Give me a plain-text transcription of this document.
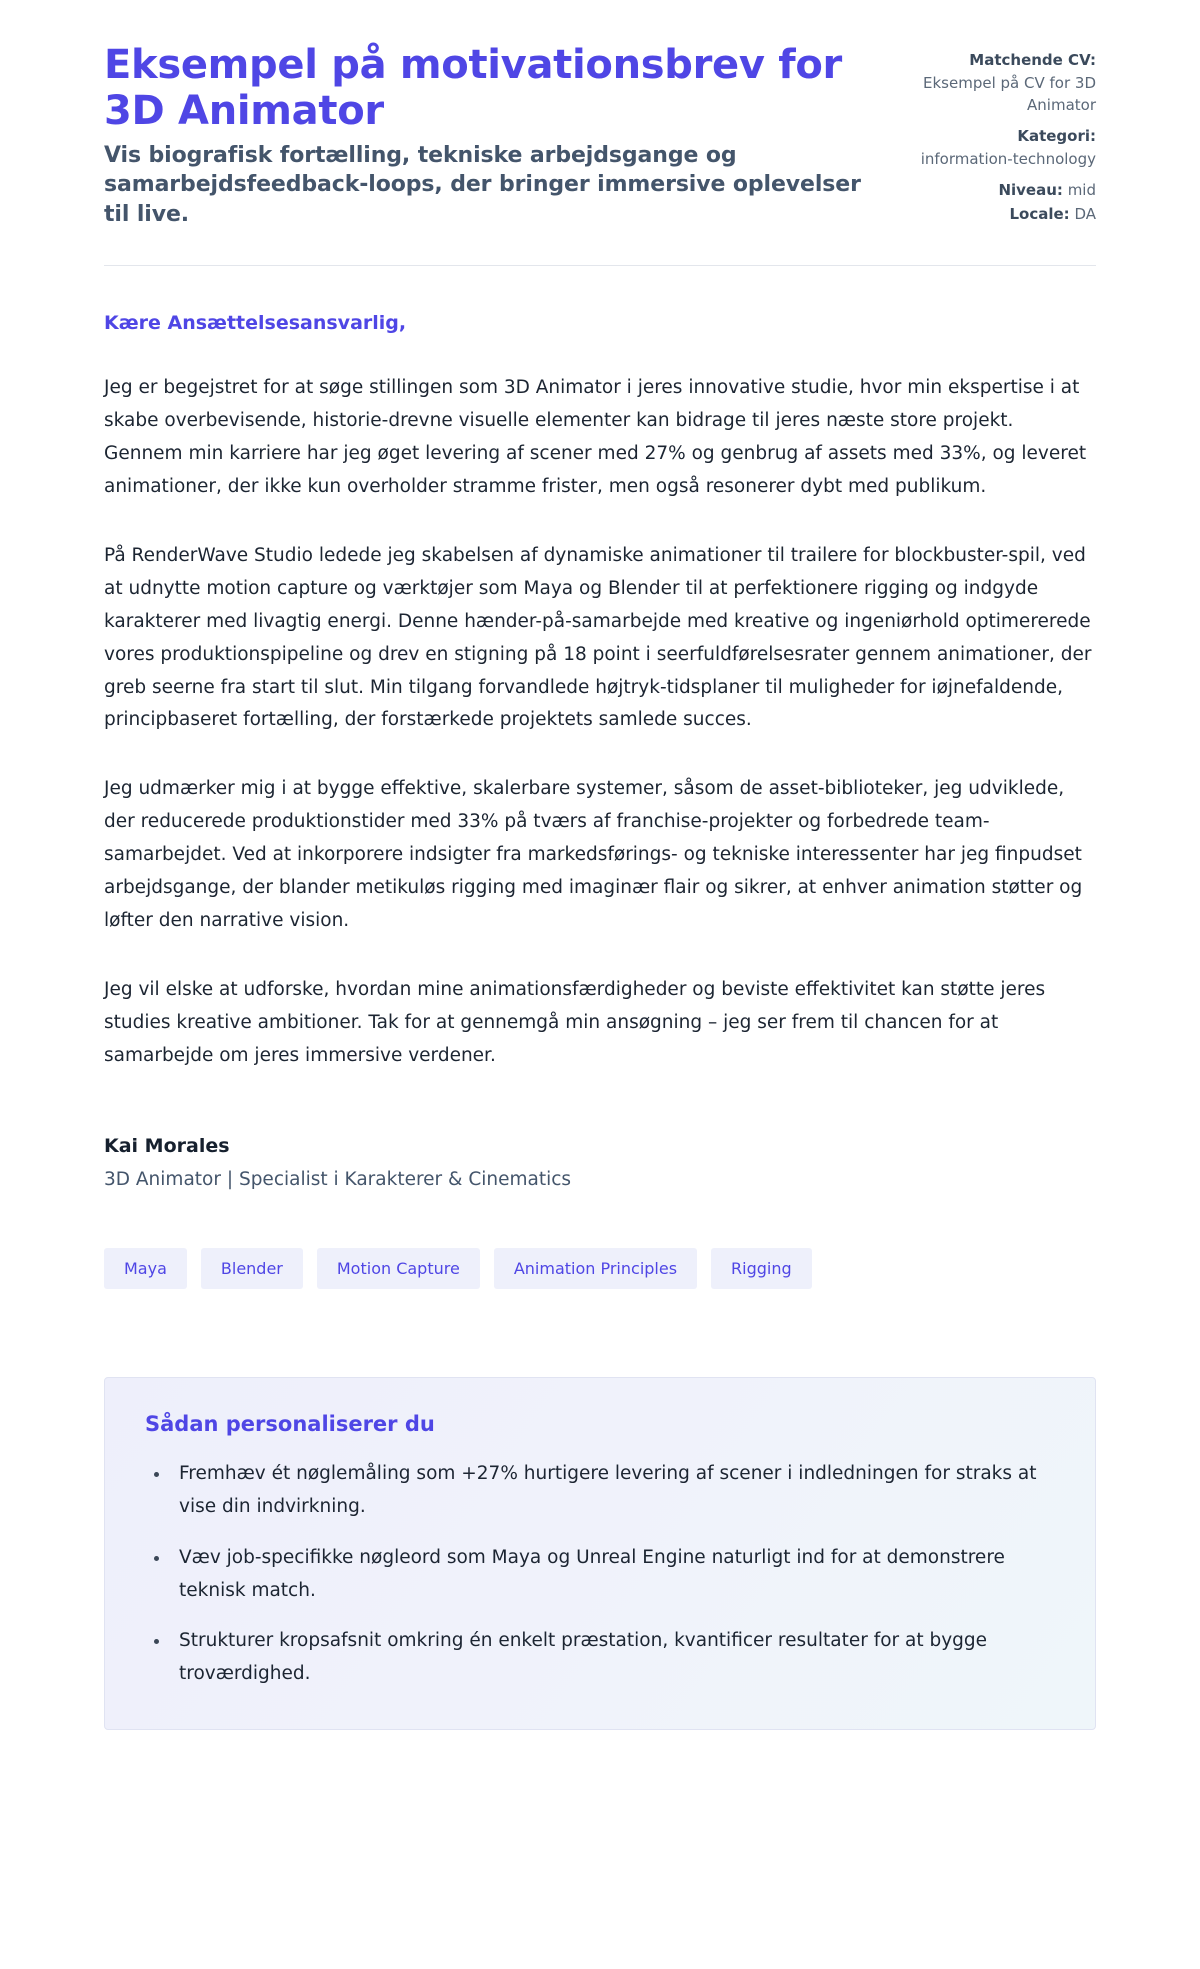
Eksempel på motivationsbrev for 3D Animator

Vis biografisk fortælling, tekniske arbejdsgange og samarbejdsfeedback-loops, der bringer immersive oplevelser til live.

Matchende CV:
Eksempel på CV for 3D Animator
Kategori:
information-technology
Niveau: mid
Locale: DA

Kære Ansættelsesansvarlig,

Jeg er begejstret for at søge stillingen som 3D Animator i jeres innovative studie, hvor min ekspertise i at skabe overbevisende, historie-drevne visuelle elementer kan bidrage til jeres næste store projekt. Gennem min karriere har jeg øget levering af scener med 27% og genbrug af assets med 33%, og leveret animationer, der ikke kun overholder stramme frister, men også resonerer dybt med publikum.

På RenderWave Studio ledede jeg skabelsen af dynamiske animationer til trailere for blockbuster-spil, ved at udnytte motion capture og værktøjer som Maya og Blender til at perfektionere rigging og indgyde karakterer med livagtig energi. Denne hænder-på-samarbejde med kreative og ingeniørhold optimererede vores produktionspipeline og drev en stigning på 18 point i seerfuldførelsesrater gennem animationer, der greb seerne fra start til slut. Min tilgang forvandlede højtryk-tidsplaner til muligheder for iøjnefaldende, principbaseret fortælling, der forstærkede projektets samlede succes.

Jeg udmærker mig i at bygge effektive, skalerbare systemer, såsom de asset-biblioteker, jeg udviklede, der reducerede produktionstider med 33% på tværs af franchise-projekter og forbedrede team-samarbejdet. Ved at inkorporere indsigter fra markedsførings- og tekniske interessenter har jeg finpudset arbejdsgange, der blander metikuløs rigging med imaginær flair og sikrer, at enhver animation støtter og løfter den narrative vision.

Jeg vil elske at udforske, hvordan mine animationsfærdigheder og beviste effektivitet kan støtte jeres studies kreative ambitioner. Tak for at gennemgå min ansøgning – jeg ser frem til chancen for at samarbejde om jeres immersive verdener.

Kai Morales

3D Animator | Specialist i Karakterer & Cinematics

Maya	Blender	Motion Capture	Animation Principles	Rigging
Sådan personaliserer du
• Fremhæv ét nøglemåling som +27% hurtigere levering af scener i indledningen for straks at vise din indvirkning.
• Væv job-specifikke nøgleord som Maya og Unreal Engine naturligt ind for at demonstrere teknisk match.
• Strukturer kropsafsnit omkring én enkelt præstation, kvantificer resultater for at bygge troværdighed.
